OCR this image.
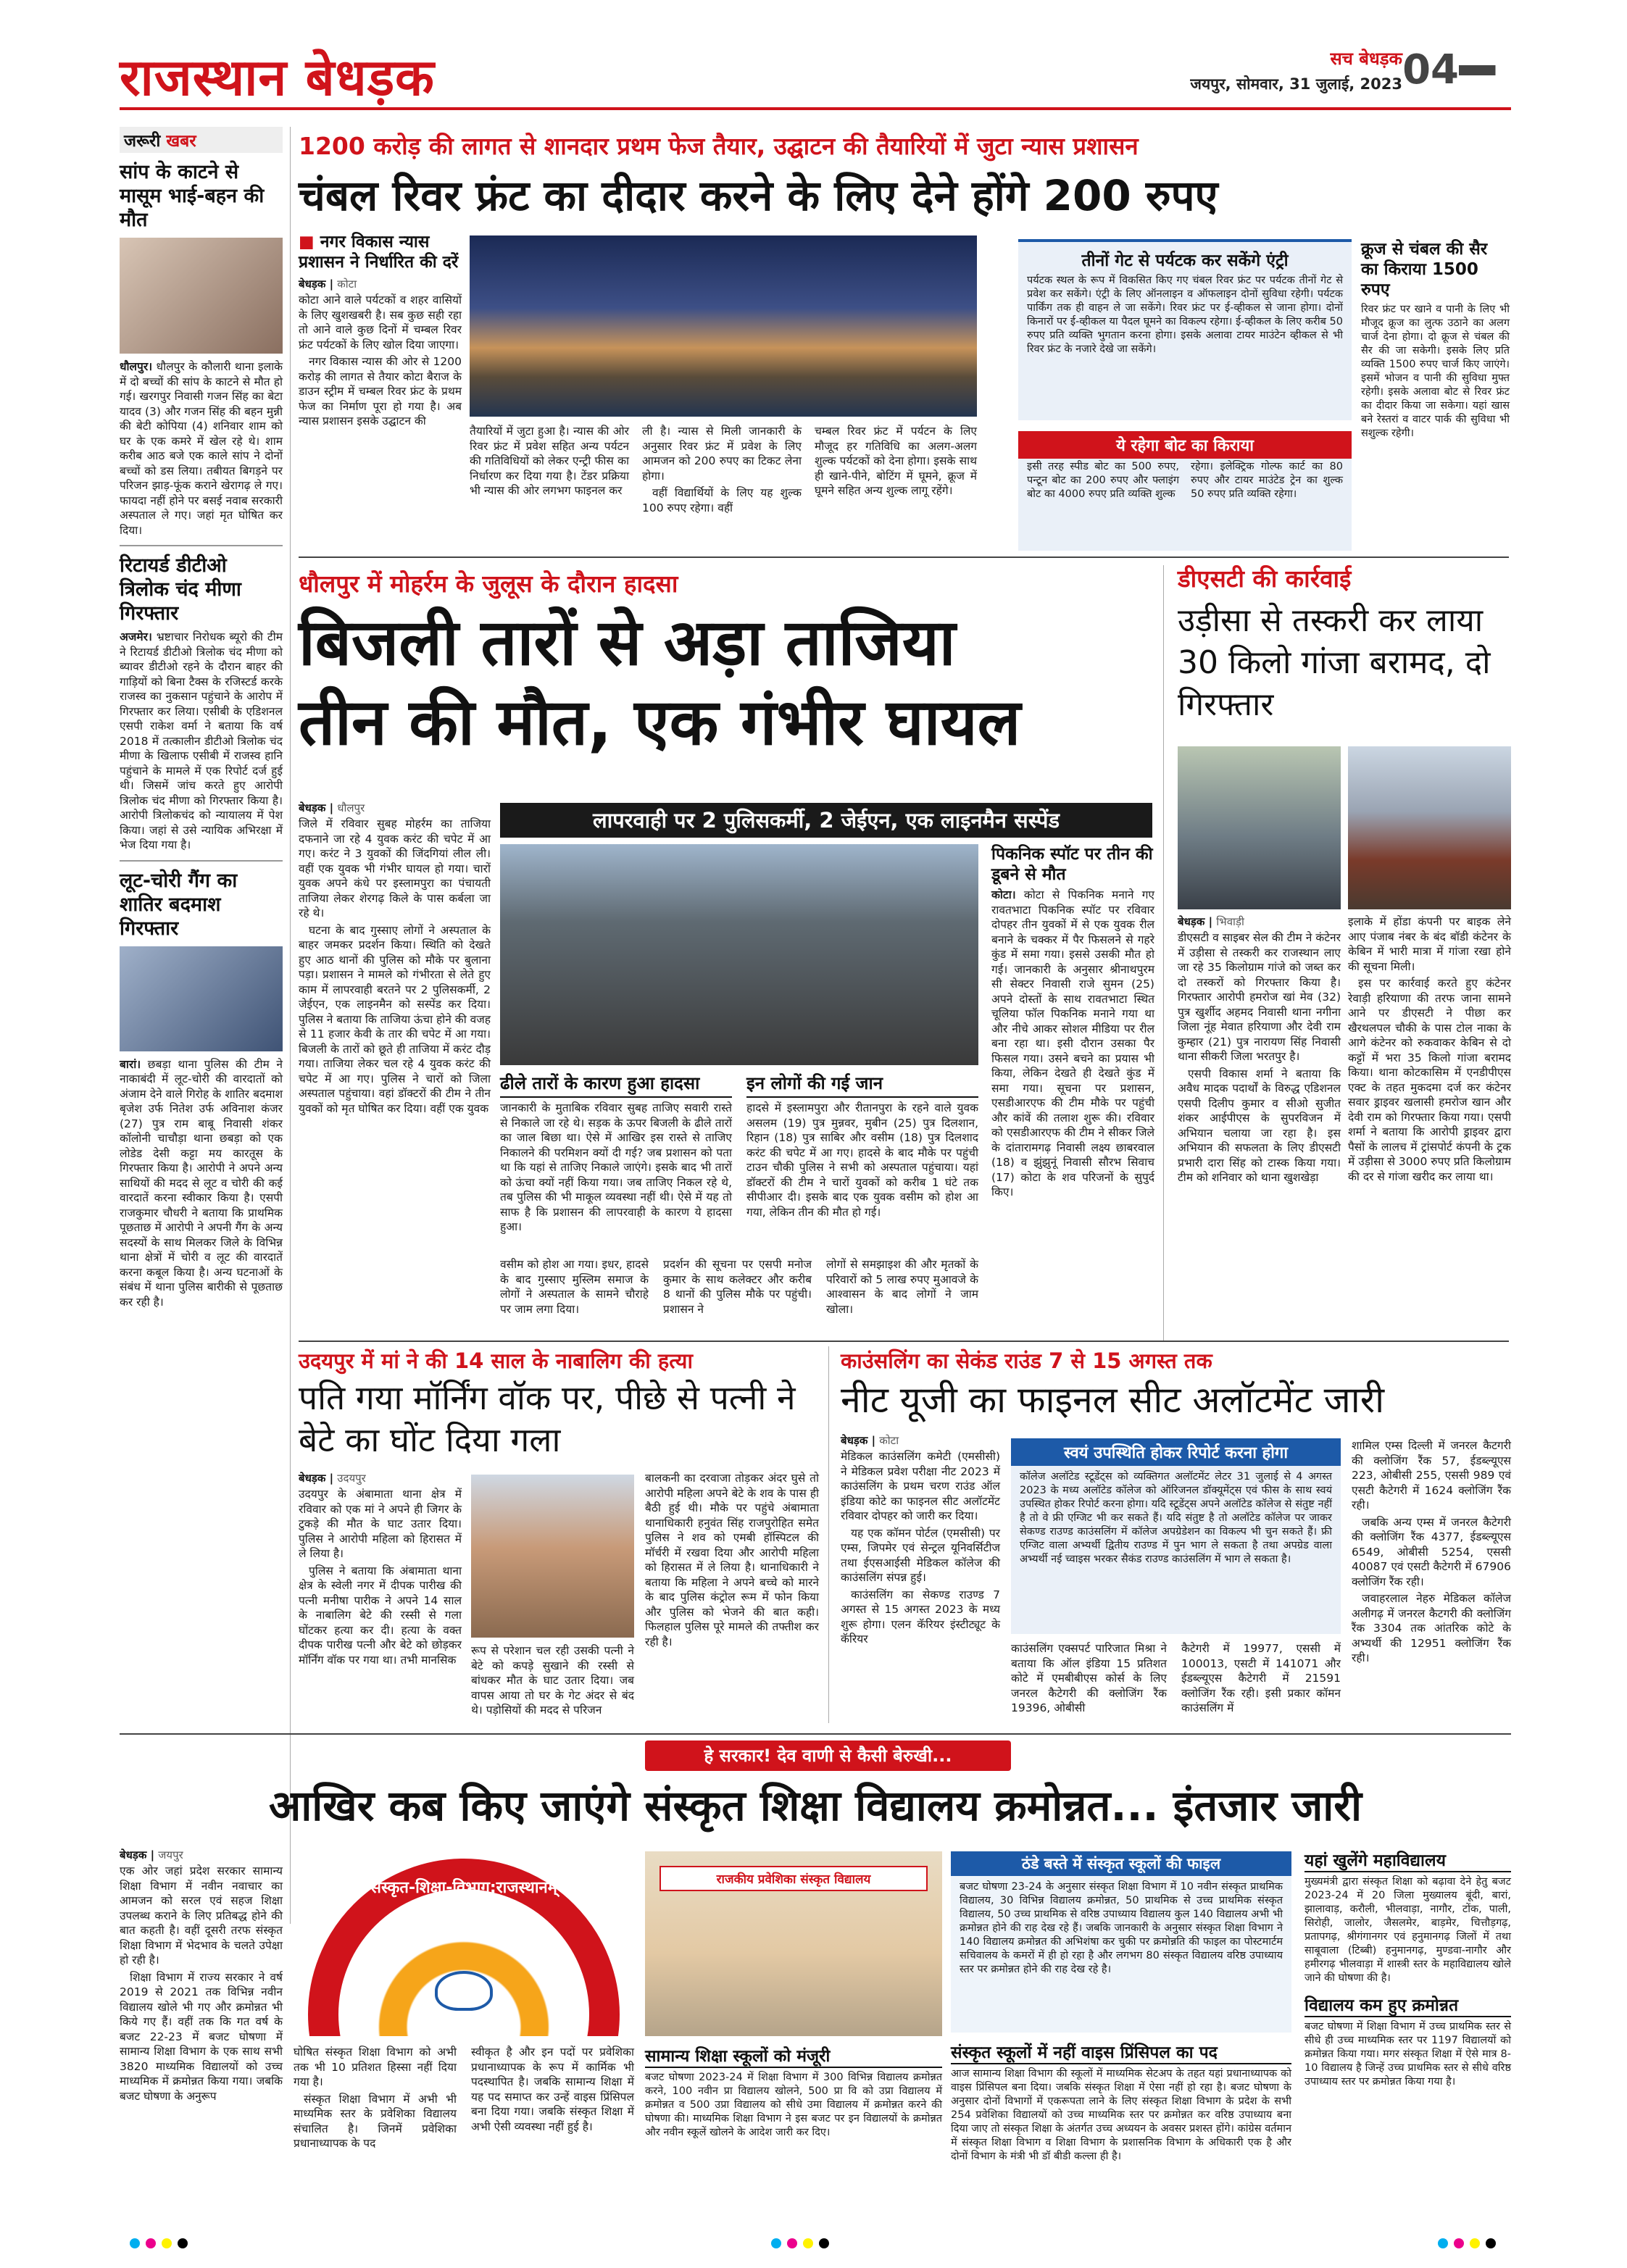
राजस्थान बेधड़क	सच बेधड़क
जयपुर, सोमवार, 31 जुलाई, 2023 04
जरूरी खबर
सांप के काटने से मासूम भाई-बहन की मौत

धौलपुर। धौलपुर के कौलारी थाना इलाके में दो बच्चों की सांप के काटने से मौत हो गई। खरगपुर निवासी गजन सिंह का बेटा यादव (3) और गजन सिंह की बहन मुन्नी की बेटी कोपिया (4) शनिवार शाम को घर के एक कमरे में खेल रहे थे। शाम करीब आठ बजे एक काले सांप ने दोनों बच्चों को डस लिया। तबीयत बिगड़ने पर परिजन झाड़-फूंक कराने खेरागढ़ ले गए। फायदा नहीं होने पर बसई नवाब सरकारी अस्पताल ले गए। जहां मृत घोषित कर दिया।

रिटायर्ड डीटीओ त्रिलोक चंद मीणा गिरफ्तार

अजमेर। भ्रष्टाचार निरोधक ब्यूरो की टीम ने रिटायर्ड डीटीओ त्रिलोक चंद मीणा को ब्यावर डीटीओ रहने के दौरान बाहर की गाड़ियों को बिना टैक्स के रजिस्टर्ड करके राजस्व का नुकसान पहुंचाने के आरोप में गिरफ्तार कर लिया। एसीबी के एडिशनल एसपी राकेश वर्मा ने बताया कि वर्ष 2018 में तत्कालीन डीटीओ त्रिलोक चंद मीणा के खिलाफ एसीबी में राजस्व हानि पहुंचाने के मामले में एक रिपोर्ट दर्ज हुई थी। जिसमें जांच करते हुए आरोपी त्रिलोक चंद मीणा को गिरफ्तार किया है। आरोपी त्रिलोकचंद को न्यायालय में पेश किया। जहां से उसे न्यायिक अभिरक्षा में भेज दिया गया है।

लूट-चोरी गैंग का शातिर बदमाश गिरफ्तार

बारां। छबड़ा थाना पुलिस की टीम ने नाकाबंदी में लूट-चोरी की वारदातों को अंजाम देने वाले गिरोह के शातिर बदमाश बृजेश उर्फ नितेश उर्फ अविनाश कंजर (27) पुत्र राम बाबू निवासी शंकर कॉलोनी चाचौड़ा थाना छबड़ा को एक लोडेड देसी कट्टा मय कारतूस के गिरफ्तार किया है। आरोपी ने अपने अन्य साथियों की मदद से लूट व चोरी की कई वारदातें करना स्वीकार किया है। एसपी राजकुमार चौधरी ने बताया कि प्राथमिक पूछताछ में आरोपी ने अपनी गैंग के अन्य सदस्यों के साथ मिलकर जिले के विभिन्न थाना क्षेत्रों में चोरी व लूट की वारदातें करना कबूल किया है। अन्य घटनाओं के संबंध में थाना पुलिस बारीकी से पूछताछ कर रही है।

1200 करोड़ की लागत से शानदार प्रथम फेज तैयार, उद्घाटन की तैयारियों में जुटा न्यास प्रशासन
चंबल रिवर फ्रंट का दीदार करने के लिए देने होंगे 200 रुपए
■ नगर विकास न्यास प्रशासन ने निर्धारित की दरें
बेधड़क | कोटा

कोटा आने वाले पर्यटकों व शहर वासियों के लिए खुशखबरी है। सब कुछ सही रहा तो आने वाले कुछ दिनों में चम्बल रिवर फ्रंट पर्यटकों के लिए खोल दिया जाएगा।

नगर विकास न्यास की ओर से 1200 करोड़ की लागत से तैयार कोटा बैराज के डाउन स्ट्रीम में चम्बल रिवर फ्रंट के प्रथम फेज का निर्माण पूरा हो गया है। अब न्यास प्रशासन इसके उद्घाटन की

तैयारियों में जुटा हुआ है। न्यास की ओर रिवर फ्रंट में प्रवेश सहित अन्य पर्यटन की गतिविधियों को लेकर एन्ट्री फीस का निर्धारण कर दिया गया है। टेंडर प्रक्रिया भी न्यास की ओर लगभग फाइनल कर

ली है। न्यास से मिली जानकारी के अनुसार रिवर फ्रंट में प्रवेश के लिए आमजन को 200 रुपए का टिकट लेना होगा।

वहीं विद्यार्थियों के लिए यह शुल्क 100 रुपए रहेगा। वहीं

चम्बल रिवर फ्रंट में पर्यटन के लिए मौजूद हर गतिविधि का अलग-अलग शुल्क पर्यटकों को देना होगा। इसके साथ ही खाने-पीने, बोटिंग में घूमने, क्रूज में घूमने सहित अन्य शुल्क लागू रहेंगे।

तीनों गेट से पर्यटक कर सकेंगे एंट्री

पर्यटक स्थल के रूप में विकसित किए गए चंबल रिवर फ्रंट पर पर्यटक तीनों गेट से प्रवेश कर सकेंगे। एंट्री के लिए ऑनलाइन व ऑफलाइन दोनों सुविधा रहेगी। पर्यटक पार्किंग तक ही वाहन ले जा सकेंगे। रिवर फ्रंट पर ई-व्हीकल से जाना होगा। दोनों किनारों पर ई-व्हीकल या पैदल घूमने का विकल्प रहेगा। ई-व्हीकल के लिए करीब 50 रुपए प्रति व्यक्ति भुगतान करना होगा। इसके अलावा टायर माउंटेन व्हीकल से भी रिवर फ्रंट के नजारे देखे जा सकेंगे।

ये रहेगा बोट का किराया

इसी तरह स्पीड बोट का 500 रुपए, पन्टून बोट का 200 रुपए और फ्लाइंग बोट का 4000 रुपए प्रति व्यक्ति शुल्क

रहेगा। इलेक्ट्रिक गोल्फ कार्ट का 80 रुपए और टायर माउंटेड ट्रेन का शुल्क 50 रुपए प्रति व्यक्ति रहेगा।

क्रूज से चंबल की सैर का किराया 1500 रुपए

रिवर फ्रंट पर खाने व पानी के लिए भी मौजूद क्रूज का लुत्फ उठाने का अलग चार्ज देना होगा। दो क्रूज से चंबल की सैर की जा सकेगी। इसके लिए प्रति व्यक्ति 1500 रुपए चार्ज किए जाएंगे। इसमें भोजन व पानी की सुविधा मुफ्त रहेगी। इसके अलावा बोट से रिवर फ्रंट का दीदार किया जा सकेगा। यहां खास बने रेस्तरां व वाटर पार्क की सुविधा भी सशुल्क रहेगी।

धौलपुर में मोहर्रम के जुलूस के दौरान हादसा
बिजली तारों से अड़ा ताजिया
तीन की मौत, एक गंभीर घायल
बेधड़क | धौलपुर

जिले में रविवार सुबह मोहर्रम का ताजिया दफनाने जा रहे 4 युवक करंट की चपेट में आ गए। करंट ने 3 युवकों की जिंदगियां लील ली। वहीं एक युवक भी गंभीर घायल हो गया। चारों युवक अपने कंधे पर इस्लामपुरा का पंचायती ताजिया लेकर शेरगढ़ किले के पास कर्बला जा रहे थे।

घटना के बाद गुस्साए लोगों ने अस्पताल के बाहर जमकर प्रदर्शन किया। स्थिति को देखते हुए आठ थानों की पुलिस को मौके पर बुलाना पड़ा। प्रशासन ने मामले को गंभीरता से लेते हुए काम में लापरवाही बरतने पर 2 पुलिसकर्मी, 2 जेईएन, एक लाइनमैन को सस्पेंड कर दिया। पुलिस ने बताया कि ताजिया ऊंचा होने की वजह से 11 हजार केवी के तार की चपेट में आ गया। बिजली के तारों को छूते ही ताजिया में करंट दौड़ गया। ताजिया लेकर चल रहे 4 युवक करंट की चपेट में आ गए। पुलिस ने चारों को जिला अस्पताल पहुंचाया। वहां डॉक्टरों की टीम ने तीन युवकों को मृत घोषित कर दिया। वहीं एक युवक

लापरवाही पर 2 पुलिसकर्मी, 2 जेईएन, एक लाइनमैन सस्पेंड
ढीले तारों के कारण हुआ हादसा

जानकारी के मुताबिक रविवार सुबह ताजिए सवारी रास्ते से निकाले जा रहे थे। सड़क के ऊपर बिजली के ढीले तारों का जाल बिछा था। ऐसे में आखिर इस रास्ते से ताजिए निकालने की परमिशन क्यों दी गई? जब प्रशासन को पता था कि यहां से ताजिए निकाले जाएंगे। इसके बाद भी तारों को ऊंचा क्यों नहीं किया गया। जब ताजिए निकल रहे थे, तब पुलिस की भी माकूल व्यवस्था नहीं थी। ऐसे में यह तो साफ है कि प्रशासन की लापरवाही के कारण ये हादसा हुआ।

इन लोगों की गई जान

हादसे में इस्लामपुरा और रीतानपुरा के रहने वाले युवक असलम (19) पुत्र मुन्नवर, मुबीन (25) पुत्र दिलशान, रिहान (18) पुत्र साबिर और वसीम (18) पुत्र दिलशाद करंट की चपेट में आ गए। हादसे के बाद मौके पर पहुंची टाउन चौकी पुलिस ने सभी को अस्पताल पहुंचाया। यहां डॉक्टरों की टीम ने चारों युवकों को करीब 1 घंटे तक सीपीआर दी। इसके बाद एक युवक वसीम को होश आ गया, लेकिन तीन की मौत हो गई।

वसीम को होश आ गया। इधर, हादसे के बाद गुस्साए मुस्लिम समाज के लोगों ने अस्पताल के सामने चौराहे पर जाम लगा दिया।

प्रदर्शन की सूचना पर एसपी मनोज कुमार के साथ कलेक्टर और करीब 8 थानों की पुलिस मौके पर पहुंची। प्रशासन ने

लोगों से समझाइश की और मृतकों के परिवारों को 5 लाख रुपए मुआवजे के आश्वासन के बाद लोगों ने जाम खोला।

पिकनिक स्पॉट पर तीन की डूबने से मौत

कोटा। कोटा से पिकनिक मनाने गए रावतभाटा पिकनिक स्पॉट पर रविवार दोपहर तीन युवकों में से एक युवक रील बनाने के चक्कर में पैर फिसलने से गहरे कुंड में समा गया। इससे उसकी मौत हो गई। जानकारी के अनुसार श्रीनाथपुरम सी सेक्टर निवासी राजे सुमन (25) अपने दोस्तों के साथ रावतभाटा स्थित चूलिया फॉल पिकनिक मनाने गया था और नीचे आकर सोशल मीडिया पर रील बना रहा था। इसी दौरान उसका पैर फिसल गया। उसने बचने का प्रयास भी किया, लेकिन देखते ही देखते कुंड में समा गया। सूचना पर प्रशासन, एसडीआरएफ की टीम मौके पर पहुंची और कांवें की तलाश शुरू की। रविवार को एसडीआरएफ की टीम ने सीकर जिले के दांतारामगढ़ निवासी लक्ष्य छाबरवाल (18) व झुंझुनूं निवासी सौरभ सिवाच (17) कोटा के शव परिजनों के सुपुर्द किए।

डीएसटी की कार्रवाई
उड़ीसा से तस्करी कर लाया 30 किलो गांजा बरामद, दो गिरफ्तार
बेधड़क | भिवाड़ी

डीएसटी व साइबर सेल की टीम ने कंटेनर में उड़ीसा से तस्करी कर राजस्थान लाए जा रहे 35 किलोग्राम गांजे को जब्त कर दो तस्करों को गिरफ्तार किया है। गिरफ्तार आरोपी हमरोज खां मेव (32) पुत्र खुर्शीद अहमद निवासी थाना नगीना जिला नूंह मेवात हरियाणा और देवी राम कुम्हार (21) पुत्र नारायण सिंह निवासी थाना सीकरी जिला भरतपुर है।

एसपी विकास शर्मा ने बताया कि अवैध मादक पदार्थों के विरुद्ध एडिशनल एसपी दिलीप कुमार व सीओ सुजीत शंकर आईपीएस के सुपरविजन में अभियान चलाया जा रहा है। इस अभियान की सफलता के लिए डीएसटी प्रभारी दारा सिंह को टास्क किया गया। टीम को शनिवार को थाना खुशखेड़ा

इलाके में होंडा कंपनी पर बाइक लेने आए पंजाब नंबर के बंद बॉडी कंटेनर के केबिन में भारी मात्रा में गांजा रखा होने की सूचना मिली।

इस पर कार्रवाई करते हुए कंटेनर रेवाड़ी हरियाणा की तरफ जाना सामने आने पर डीएसटी ने पीछा कर खैरथलपल चौकी के पास टोल नाका के आगे कंटेनर को रुकवाकर केबिन से दो कट्टों में भरा 35 किलो गांजा बरामद किया। थाना कोटकासिम में एनडीपीएस एक्ट के तहत मुकदमा दर्ज कर कंटेनर सवार ड्राइवर खलासी हमरोज खान और देवी राम को गिरफ्तार किया गया। एसपी शर्मा ने बताया कि आरोपी ड्राइवर द्वारा पैसों के लालच में ट्रांसपोर्ट कंपनी के ट्रक में उड़ीसा से 3000 रुपए प्रति किलोग्राम की दर से गांजा खरीद कर लाया था।

उदयपुर में मां ने की 14 साल के नाबालिग की हत्या
पति गया मॉर्निंग वॉक पर, पीछे से पत्नी ने बेटे का घोंट दिया गला
बेधड़क | उदयपुर

उदयपुर के अंबामाता थाना क्षेत्र में रविवार को एक मां ने अपने ही जिगर के टुकड़े की मौत के घाट उतार दिया। पुलिस ने आरोपी महिला को हिरासत में ले लिया है।

पुलिस ने बताया कि अंबामाता थाना क्षेत्र के स्वेली नगर में दीपक पारीख की पत्नी मनीषा पारीक ने अपने 14 साल के नाबालिग बेटे की रस्सी से गला घोंटकर हत्या कर दी। हत्या के वक्त दीपक पारीख पत्नी और बेटे को छोड़कर मॉर्निंग वॉक पर गया था। तभी मानसिक

रूप से परेशान चल रही उसकी पत्नी ने बेटे को कपड़े सुखाने की रस्सी से बांधकर मौत के घाट उतार दिया। जब वापस आया तो घर के गेट अंदर से बंद थे। पड़ोसियों की मदद से परिजन

बालकनी का दरवाजा तोड़कर अंदर घुसे तो आरोपी महिला अपने बेटे के शव के पास ही बैठी हुई थी। मौके पर पहुंचे अंबामाता थानाधिकारी हनुवंत सिंह राजपुरोहित समेत पुलिस ने शव को एमबी हॉस्पिटल की मॉर्चरी में रखवा दिया और आरोपी महिला को हिरासत में ले लिया है। थानाधिकारी ने बताया कि महिला ने अपने बच्चे को मारने के बाद पुलिस कंट्रोल रूम में फोन किया और पुलिस को भेजने की बात कही। फिलहाल पुलिस पूरे मामले की तफ्तीश कर रही है।

काउंसलिंग का सेकंड राउंड 7 से 15 अगस्त तक
नीट यूजी का फाइनल सीट अलॉटमेंट जारी
बेधड़क | कोटा

मेडिकल काउंसलिंग कमेटी (एमसीसी) ने मेडिकल प्रवेश परीक्षा नीट 2023 में काउंसलिंग के प्रथम चरण राउंड ऑल इंडिया कोटे का फाइनल सीट अलॉटमेंट रविवार दोपहर को जारी कर दिया।

यह एक कॉमन पोर्टल (एमसीसी) पर एम्स, जिपमेर एवं सेन्ट्रल यूनिवर्सिटीज तथा ईएसआईसी मेडिकल कॉलेज की काउंसलिंग संपन्न हुई।

काउंसलिंग का सेकण्ड राउण्ड 7 अगस्त से 15 अगस्त 2023 के मध्य शुरू होगा। एलन कॅरियर इंस्टीट्यूट के कॅरियर

स्वयं उपस्थिति होकर रिपोर्ट करना होगा

कॉलेज अलॉटेड स्टूडेंट्स को व्यक्तिगत अलॉटमेंट लेटर 31 जुलाई से 4 अगस्त 2023 के मध्य अलॉटेड कॉलेज को ऑरिजनल डॉक्यूमेंट्स एवं फीस के साथ स्वयं उपस्थित होकर रिपोर्ट करना होगा। यदि स्टूडेंट्स अपने अलॉटेड कॉलेज से संतुष्ट नहीं है तो वे फ्री एग्जिट भी कर सकते हैं। यदि संतुष्ट है तो अलॉटेड कॉलेज पर जाकर सेकण्ड राउण्ड काउंसलिंग में कॉलेज अपग्रेडेशन का विकल्प भी चुन सकते हैं। फ्री एग्जिट वाला अभ्यर्थी द्वितीय राउण्ड में पुन भाग ले सकता है तथा अपग्रेड वाला अभ्यर्थी नई च्वाइस भरकर सैकंड राउण्ड काउंसलिंग में भाग ले सकता है।

काउंसलिंग एक्सपर्ट पारिजात मिश्रा ने बताया कि ऑल इंडिया 15 प्रतिशत कोटे में एमबीबीएस कोर्स के लिए जनरल कैटेगरी की क्लोजिंग रैंक 19396, ओबीसी

कैटेगरी में 19977, एससी में 100013, एसटी में 141071 और ईडब्ल्यूएस कैटेगरी में 21591 क्लोजिंग रैंक रही। इसी प्रकार कॉमन काउंसलिंग में

शामिल एम्स दिल्ली में जनरल कैटगरी की क्लोजिंग रैंक 57, ईडब्ल्यूएस 223, ओबीसी 255, एससी 989 एवं एसटी कैटेगरी में 1624 क्लोजिंग रैंक रही।

जबकि अन्य एम्स में जनरल कैटेगरी की क्लोजिंग रैंक 4377, ईडब्ल्यूएस 6549, ओबीसी 5254, एससी 40087 एवं एसटी कैटेगरी में 67906 क्लोजिंग रैंक रही।

जवाहरलाल नेहरु मेडिकल कॉलेज अलीगढ़ में जनरल कैटगरी की क्लोजिंग रैंक 3304 तक आंतरिक कोटे के अभ्यर्थी की 12951 क्लोजिंग रैंक रही।

हे सरकार! देव वाणी से कैसी बेरुखी...
आखिर कब किए जाएंगे संस्कृत शिक्षा विद्यालय क्रमोन्नत... इंतजार जारी
बेधड़क | जयपुर

एक ओर जहां प्रदेश सरकार सामान्य शिक्षा विभाग में नवीन नवाचार का आमजन को सरल एवं सहज शिक्षा उपलब्ध कराने के लिए प्रतिबद्ध होने की बात कहती है। वहीं दूसरी तरफ संस्कृत शिक्षा विभाग में भेदभाव के चलते उपेक्षा हो रही है।

शिक्षा विभाग में राज्य सरकार ने वर्ष 2019 से 2021 तक विभिन्न नवीन विद्यालय खोले भी गए और क्रमोन्नत भी किये गए हैं। वहीं तक कि गत वर्ष के बजट 22-23 में बजट घोषणा में सामान्य शिक्षा विभाग के एक साथ सभी 3820 माध्यमिक विद्यालयों को उच्च माध्यमिक में क्रमोन्नत किया गया। जबकि बजट घोषणा के अनुरूप

संस्कृत-शिक्षा-विभाग:राजस्थानम्

घोषित संस्कृत शिक्षा विभाग को अभी तक भी 10 प्रतिशत हिस्सा नहीं दिया गया है।

संस्कृत शिक्षा विभाग में अभी भी माध्यमिक स्तर के प्रवेशिका विद्यालय संचालित है। जिनमें प्रवेशिका प्रधानाध्यापक के पद

स्वीकृत है और इन पदों पर प्रवेशिका प्रधानाध्यापक के रूप में कार्मिक भी पदस्थापित है। जबकि सामान्य शिक्षा में यह पद समाप्त कर उन्हें वाइस प्रिंसिपल बना दिया गया। जबकि संस्कृत शिक्षा में अभी ऐसी व्यवस्था नहीं हुई है।

राजकीय प्रवेशिका संस्कृत विद्यालय
सामान्य शिक्षा स्कूलों को मंजूरी

बजट घोषणा 2023-24 में शिक्षा विभाग में 300 विभिन्न विद्यालय क्रमोन्नत करने, 100 नवीन प्रा विद्यालय खोलने, 500 प्रा वि को उप्रा विद्यालय में क्रमोन्नत व 500 उप्रा विद्यालय को सीधे उमा विद्यालय में क्रमोन्नत करने की घोषणा की। माध्यमिक शिक्षा विभाग ने इस बजट पर इन विद्यालयों के क्रमोन्नत और नवीन स्कूलें खोलने के आदेश जारी कर दिए।

ठंडे बस्ते में संस्कृत स्कूलों की फाइल

बजट घोषणा 23-24 के अनुसार संस्कृत शिक्षा विभाग में 10 नवीन संस्कृत प्राथमिक विद्यालय, 30 विभिन्न विद्यालय क्रमोन्नत, 50 प्राथमिक से उच्च प्राथमिक संस्कृत विद्यालय, 50 उच्च प्राथमिक से वरिष्ठ उपाध्याय विद्यालय कुल 140 विद्यालय अभी भी क्रमोन्नत होने की राह देख रहे हैं। जबकि जानकारी के अनुसार संस्कृत शिक्षा विभाग ने 140 विद्यालय क्रमोन्नत की अभिशंषा कर चुकी पर क्रमोन्नति की फाइल का पोस्टमार्टम सचिवालय के कमरों में ही हो रहा है और लगभग 80 संस्कृत विद्यालय वरिष्ठ उपाध्याय स्तर पर क्रमोन्नत होने की राह देख रहे है।

संस्कृत स्कूलों में नहीं वाइस प्रिंसिपल का पद

आज सामान्य शिक्षा विभाग की स्कूलों में माध्यमिक सेटअप के तहत यहां प्रधानाध्यापक को वाइस प्रिंसिपल बना दिया। जबकि संस्कृत शिक्षा में ऐसा नहीं हो रहा है। बजट घोषणा के अनुसार दोनों विभागों में एकरूपता लाने के लिए संस्कृत शिक्षा विभाग के प्रदेश के सभी 254 प्रवेशिका विद्यालयों को उच्च माध्यमिक स्तर पर क्रमोन्नत कर वरिष्ठ उपाध्याय बना दिया जाए तो संस्कृत शिक्षा के अंतर्गत उच्च अध्ययन के अवसर प्रशस्त होंगे। कांग्रेस वर्तमान में संस्कृत शिक्षा विभाग व शिक्षा विभाग के प्रशासनिक विभाग के अधिकारी एक है और दोनों विभाग के मंत्री भी डॉ बीडी कल्ला ही है।

यहां खुलेंगे महाविद्यालय

मुख्यमंत्री द्वारा संस्कृत शिक्षा को बढ़ावा देने हेतु बजट 2023-24 में 20 जिला मुख्यालय बूंदी, बारां, झालावाड़, करौली, भीलवाड़ा, नागौर, टोंक, पाली, सिरोही, जालोर, जैसलमेर, बाड़मेर, चित्तौड़गढ़, प्रतापगढ़, श्रीगंगानगर एवं हनुमानगढ़ जिलों में तथा साबूवाला (टिब्बी) हनुमानगढ़, मुण्डवा-नागौर और हमीरगढ़ भीलवाड़ा में शास्त्री स्तर के महाविद्यालय खोले जाने की घोषणा की है।

विद्यालय कम हुए क्रमोन्नत

बजट घोषणा में शिक्षा विभाग में उच्च प्राथमिक स्तर से सीधे ही उच्च माध्यमिक स्तर पर 1197 विद्यालयों को क्रमोन्नत किया गया। मगर संस्कृत शिक्षा में ऐसे मात्र 8-10 विद्यालय है जिन्हें उच्च प्राथमिक स्तर से सीधे वरिष्ठ उपाध्याय स्तर पर क्रमोन्नत किया गया है।
